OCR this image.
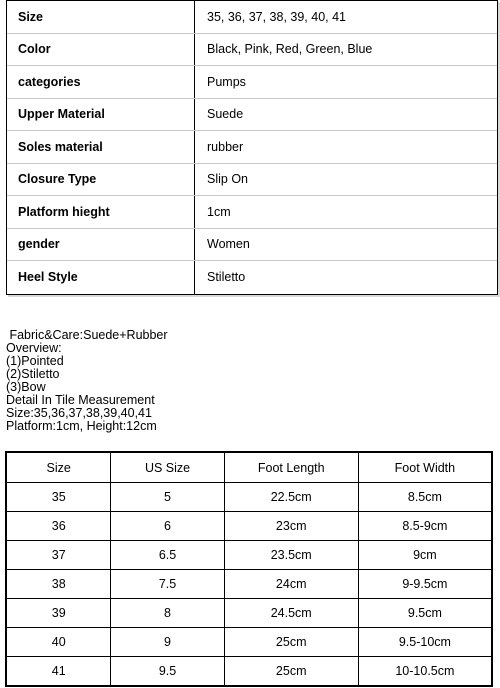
Size	35, 36, 37, 38, 39, 40, 41
Color	Black, Pink, Red, Green, Blue
categories	Pumps
Upper Material	Suede
Soles material	rubber
Closure Type	Slip On
Platform hieght	1cm
gender	Women
Heel Style	Stiletto
Fabric&Care:Suede+Rubber
Overview:
(1)Pointed
(2)Stiletto
(3)Bow
Detail In Tile Measurement
Size:35,36,37,38,39,40,41
Platform:1cm, Height:12cm
Size	US Size	Foot Length	Foot Width
35	5	22.5cm	8.5cm
36	6	23cm	8.5-9cm
37	6.5	23.5cm	9cm
38	7.5	24cm	9-9.5cm
39	8	24.5cm	9.5cm
40	9	25cm	9.5-10cm
41	9.5	25cm	10-10.5cm
